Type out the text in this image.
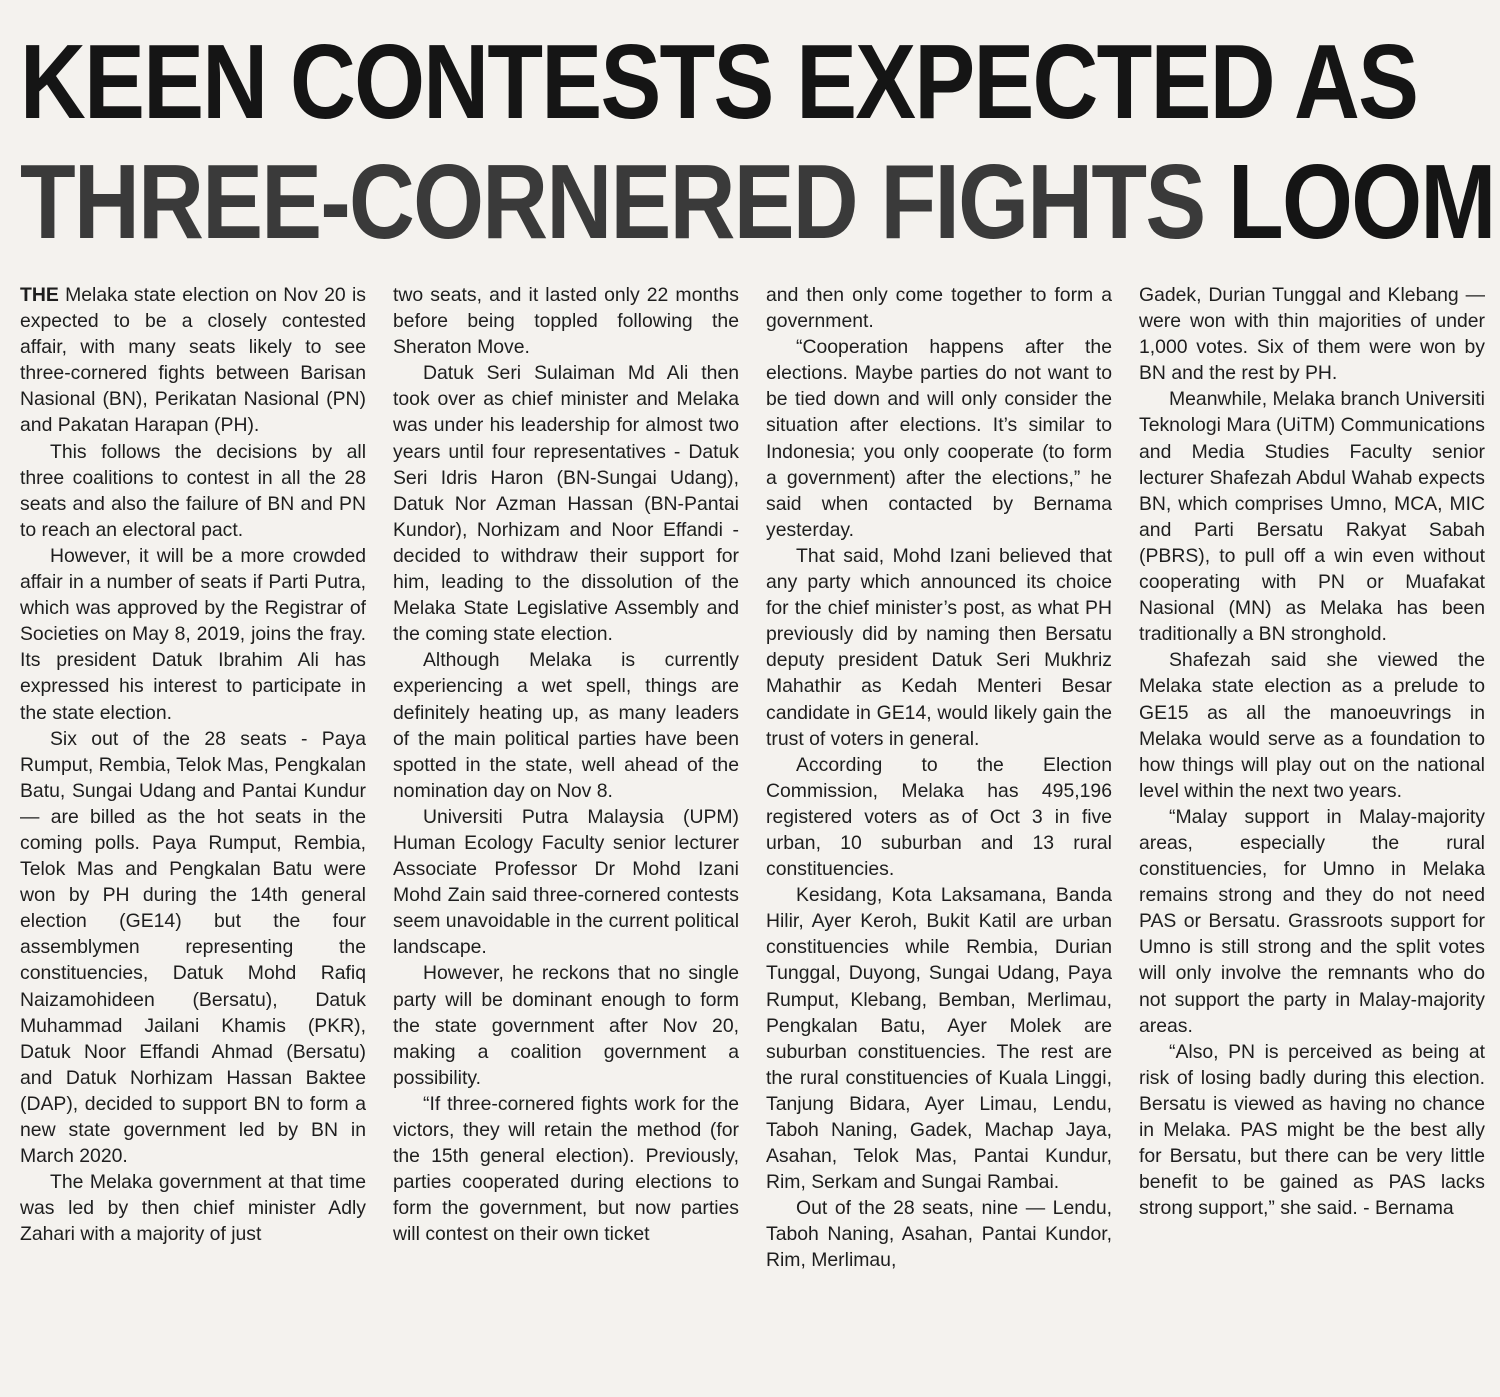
KEEN CONTESTS EXPECTED AS
THREE-CORNERED FIGHTS LOOM

THE Melaka state election on Nov 20 is expected to be a closely contested affair, with many seats likely to see three-cornered fights between Barisan Nasional (BN), Perikatan Nasional (PN) and Pakatan Harapan (PH).

This follows the decisions by all three coalitions to contest in all the 28 seats and also the failure of BN and PN to reach an electoral pact.

However, it will be a more crowded affair in a number of seats if Parti Putra, which was approved by the Registrar of Societies on May 8, 2019, joins the fray. Its president Datuk Ibrahim Ali has expressed his interest to participate in the state election.

Six out of the 28 seats - Paya Rumput, Rembia, Telok Mas, Pengkalan Batu, Sungai Udang and Pantai Kundur — are billed as the hot seats in the coming polls. Paya Rumput, Rembia, Telok Mas and Pengkalan Batu were won by PH during the 14th general election (GE14) but the four assemblymen representing the constituencies, Datuk Mohd Rafiq Naizamohideen (Bersatu), Datuk Muhammad Jailani Khamis (PKR), Datuk Noor Effandi Ahmad (Bersatu) and Datuk Norhizam Hassan Baktee (DAP), decided to support BN to form a new state government led by BN in March 2020.

The Melaka government at that time was led by then chief minister Adly Zahari with a majority of just

two seats, and it lasted only 22 months before being toppled following the Sheraton Move.

Datuk Seri Sulaiman Md Ali then took over as chief minister and Melaka was under his leadership for almost two years until four representatives - Datuk Seri Idris Haron (BN-Sungai Udang), Datuk Nor Azman Hassan (BN-Pantai Kundor), Norhizam and Noor Effandi - decided to withdraw their support for him, leading to the dissolution of the Melaka State Legislative Assembly and the coming state election.

Although Melaka is currently experiencing a wet spell, things are definitely heating up, as many leaders of the main political parties have been spotted in the state, well ahead of the nomination day on Nov 8.

Universiti Putra Malaysia (UPM) Human Ecology Faculty senior lecturer Associate Professor Dr Mohd Izani Mohd Zain said three-cornered contests seem unavoidable in the current political landscape.

However, he reckons that no single party will be dominant enough to form the state government after Nov 20, making a coalition government a possibility.

“If three-cornered fights work for the victors, they will retain the method (for the 15th general election). Previously, parties cooperated during elections to form the government, but now parties will contest on their own ticket

and then only come together to form a government.

“Cooperation happens after the elections. Maybe parties do not want to be tied down and will only consider the situation after elections. It’s similar to Indonesia; you only cooperate (to form a government) after the elections,” he said when contacted by Bernama yesterday.

That said, Mohd Izani believed that any party which announced its choice for the chief minister’s post, as what PH previously did by naming then Bersatu deputy president Datuk Seri Mukhriz Mahathir as Kedah Menteri Besar candidate in GE14, would likely gain the trust of voters in general.

According to the Election Commission, Melaka has 495,196 registered voters as of Oct 3 in five urban, 10 suburban and 13 rural constituencies.

Kesidang, Kota Laksamana, Banda Hilir, Ayer Keroh, Bukit Katil are urban constituencies while Rembia, Durian Tunggal, Duyong, Sungai Udang, Paya Rumput, Klebang, Bemban, Merlimau, Pengkalan Batu, Ayer Molek are suburban constituencies. The rest are the rural constituencies of Kuala Linggi, Tanjung Bidara, Ayer Limau, Lendu, Taboh Naning, Gadek, Machap Jaya, Asahan, Telok Mas, Pantai Kundur, Rim, Serkam and Sungai Rambai.

Out of the 28 seats, nine — Lendu, Taboh Naning, Asahan, Pantai Kundor, Rim, Merlimau,

Gadek, Durian Tunggal and Klebang — were won with thin majorities of under 1,000 votes. Six of them were won by BN and the rest by PH.

Meanwhile, Melaka branch Universiti Teknologi Mara (UiTM) Communications and Media Studies Faculty senior lecturer Shafezah Abdul Wahab expects BN, which comprises Umno, MCA, MIC and Parti Bersatu Rakyat Sabah (PBRS), to pull off a win even without cooperating with PN or Muafakat Nasional (MN) as Melaka has been traditionally a BN stronghold.

Shafezah said she viewed the Melaka state election as a prelude to GE15 as all the manoeuvrings in Melaka would serve as a foundation to how things will play out on the national level within the next two years.

“Malay support in Malay-majority areas, especially the rural constituencies, for Umno in Melaka remains strong and they do not need PAS or Bersatu. Grassroots support for Umno is still strong and the split votes will only involve the remnants who do not support the party in Malay-majority areas.

“Also, PN is perceived as being at risk of losing badly during this election. Bersatu is viewed as having no chance in Melaka. PAS might be the best ally for Bersatu, but there can be very little benefit to be gained as PAS lacks strong support,” she said. - Bernama
